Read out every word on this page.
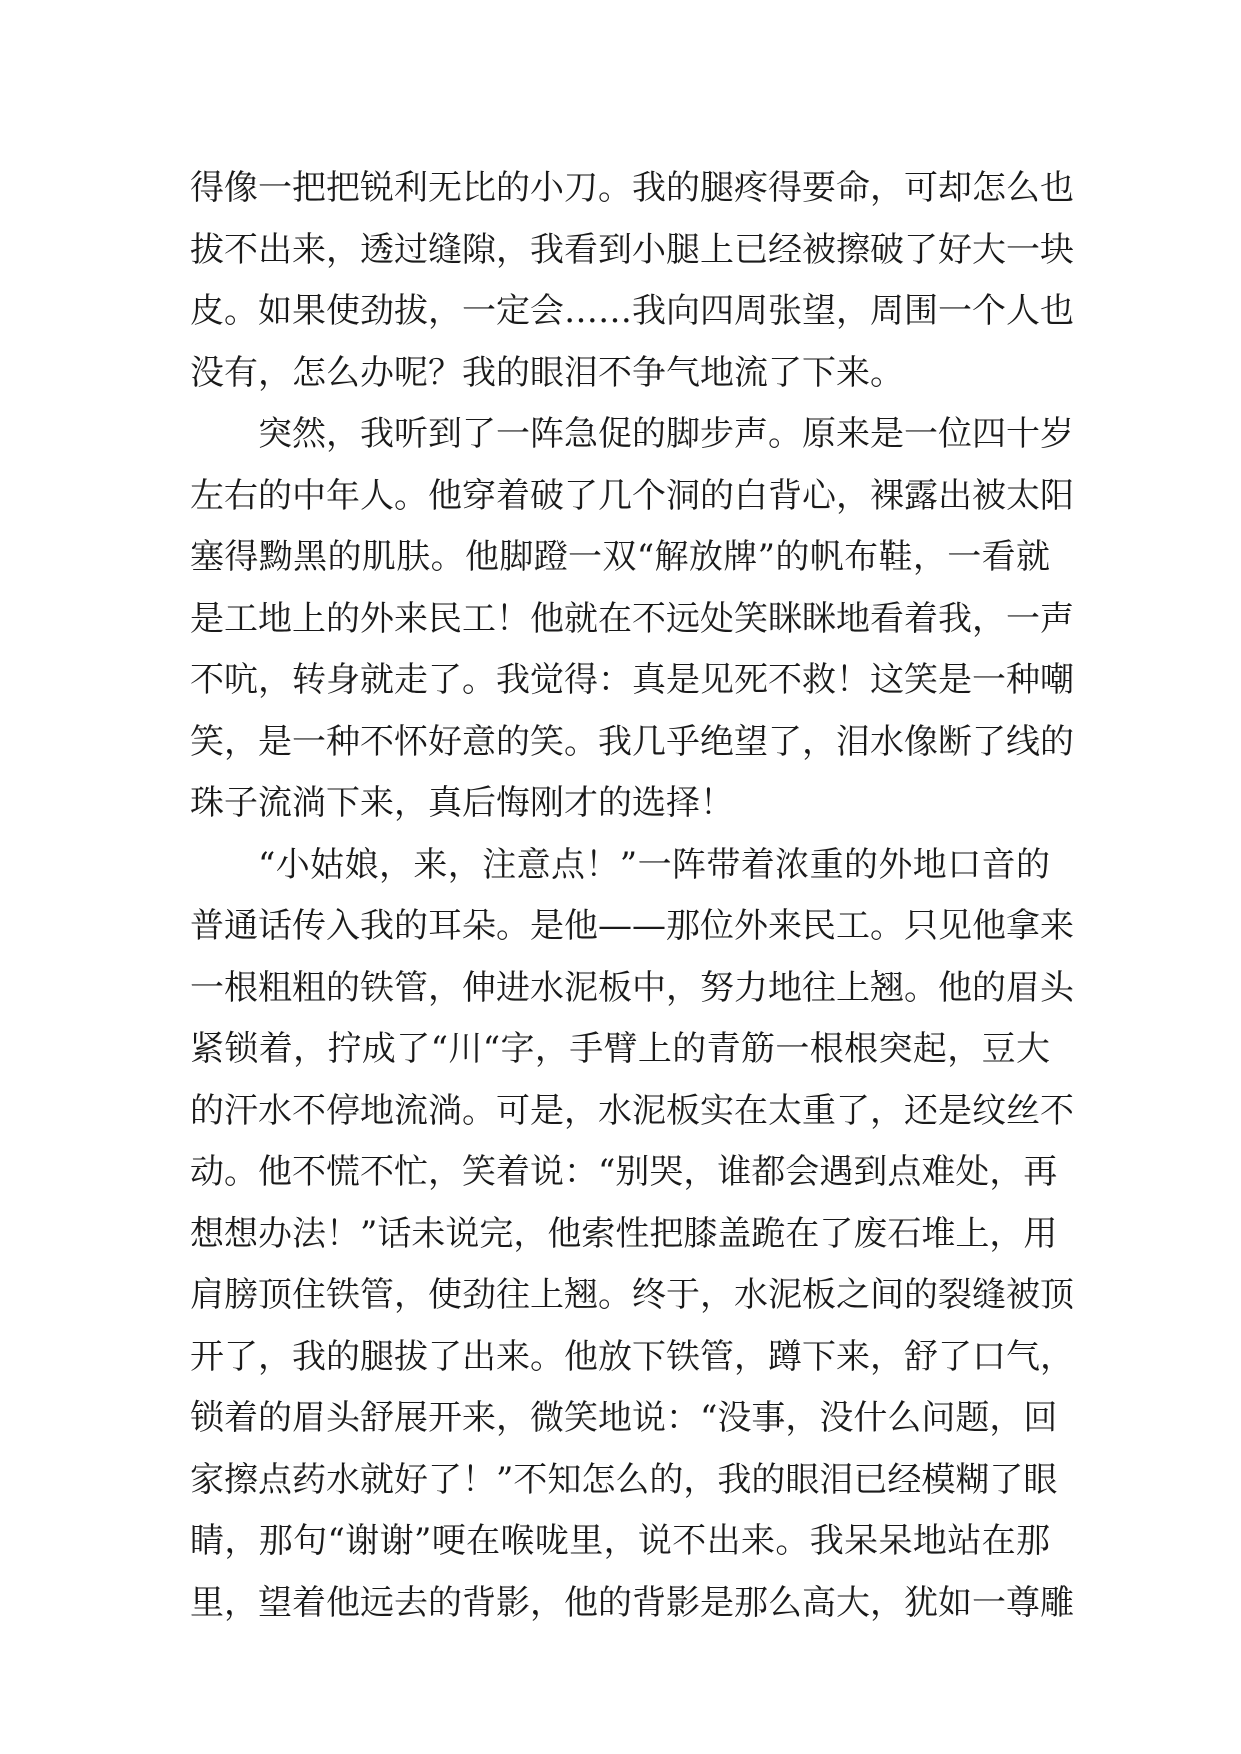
得像一把把锐利无比的小刀。我的腿疼得要命，可却怎么也
拔不出来，透过缝隙，我看到小腿上已经被擦破了好大一块
皮。如果使劲拔，一定会……我向四周张望，周围一个人也
没有，怎么办呢？我的眼泪不争气地流了下来。
突然，我听到了一阵急促的脚步声。原来是一位四十岁
左右的中年人。他穿着破了几个洞的白背心，裸露出被太阳
塞得黝黑的肌肤。他脚蹬一双“解放牌”的帆布鞋，一看就
是工地上的外来民工！他就在不远处笑眯眯地看着我，一声
不吭，转身就走了。我觉得：真是见死不救！这笑是一种嘲
笑，是一种不怀好意的笑。我几乎绝望了，泪水像断了线的
珠子流淌下来，真后悔刚才的选择！
“小姑娘，来，注意点！”一阵带着浓重的外地口音的
普通话传入我的耳朵。是他——那位外来民工。只见他拿来
一根粗粗的铁管，伸进水泥板中，努力地往上翘。他的眉头
紧锁着，拧成了“川“字，手臂上的青筋一根根突起，豆大
的汗水不停地流淌。可是，水泥板实在太重了，还是纹丝不
动。他不慌不忙，笑着说：“别哭，谁都会遇到点难处，再
想想办法！”话未说完，他索性把膝盖跪在了废石堆上，用
肩膀顶住铁管，使劲往上翘。终于，水泥板之间的裂缝被顶
开了，我的腿拔了出来。他放下铁管，蹲下来，舒了口气，
锁着的眉头舒展开来，微笑地说：“没事，没什么问题，回
家擦点药水就好了！”不知怎么的，我的眼泪已经模糊了眼
睛，那句“谢谢”哽在喉咙里，说不出来。我呆呆地站在那
里，望着他远去的背影，他的背影是那么高大，犹如一尊雕
